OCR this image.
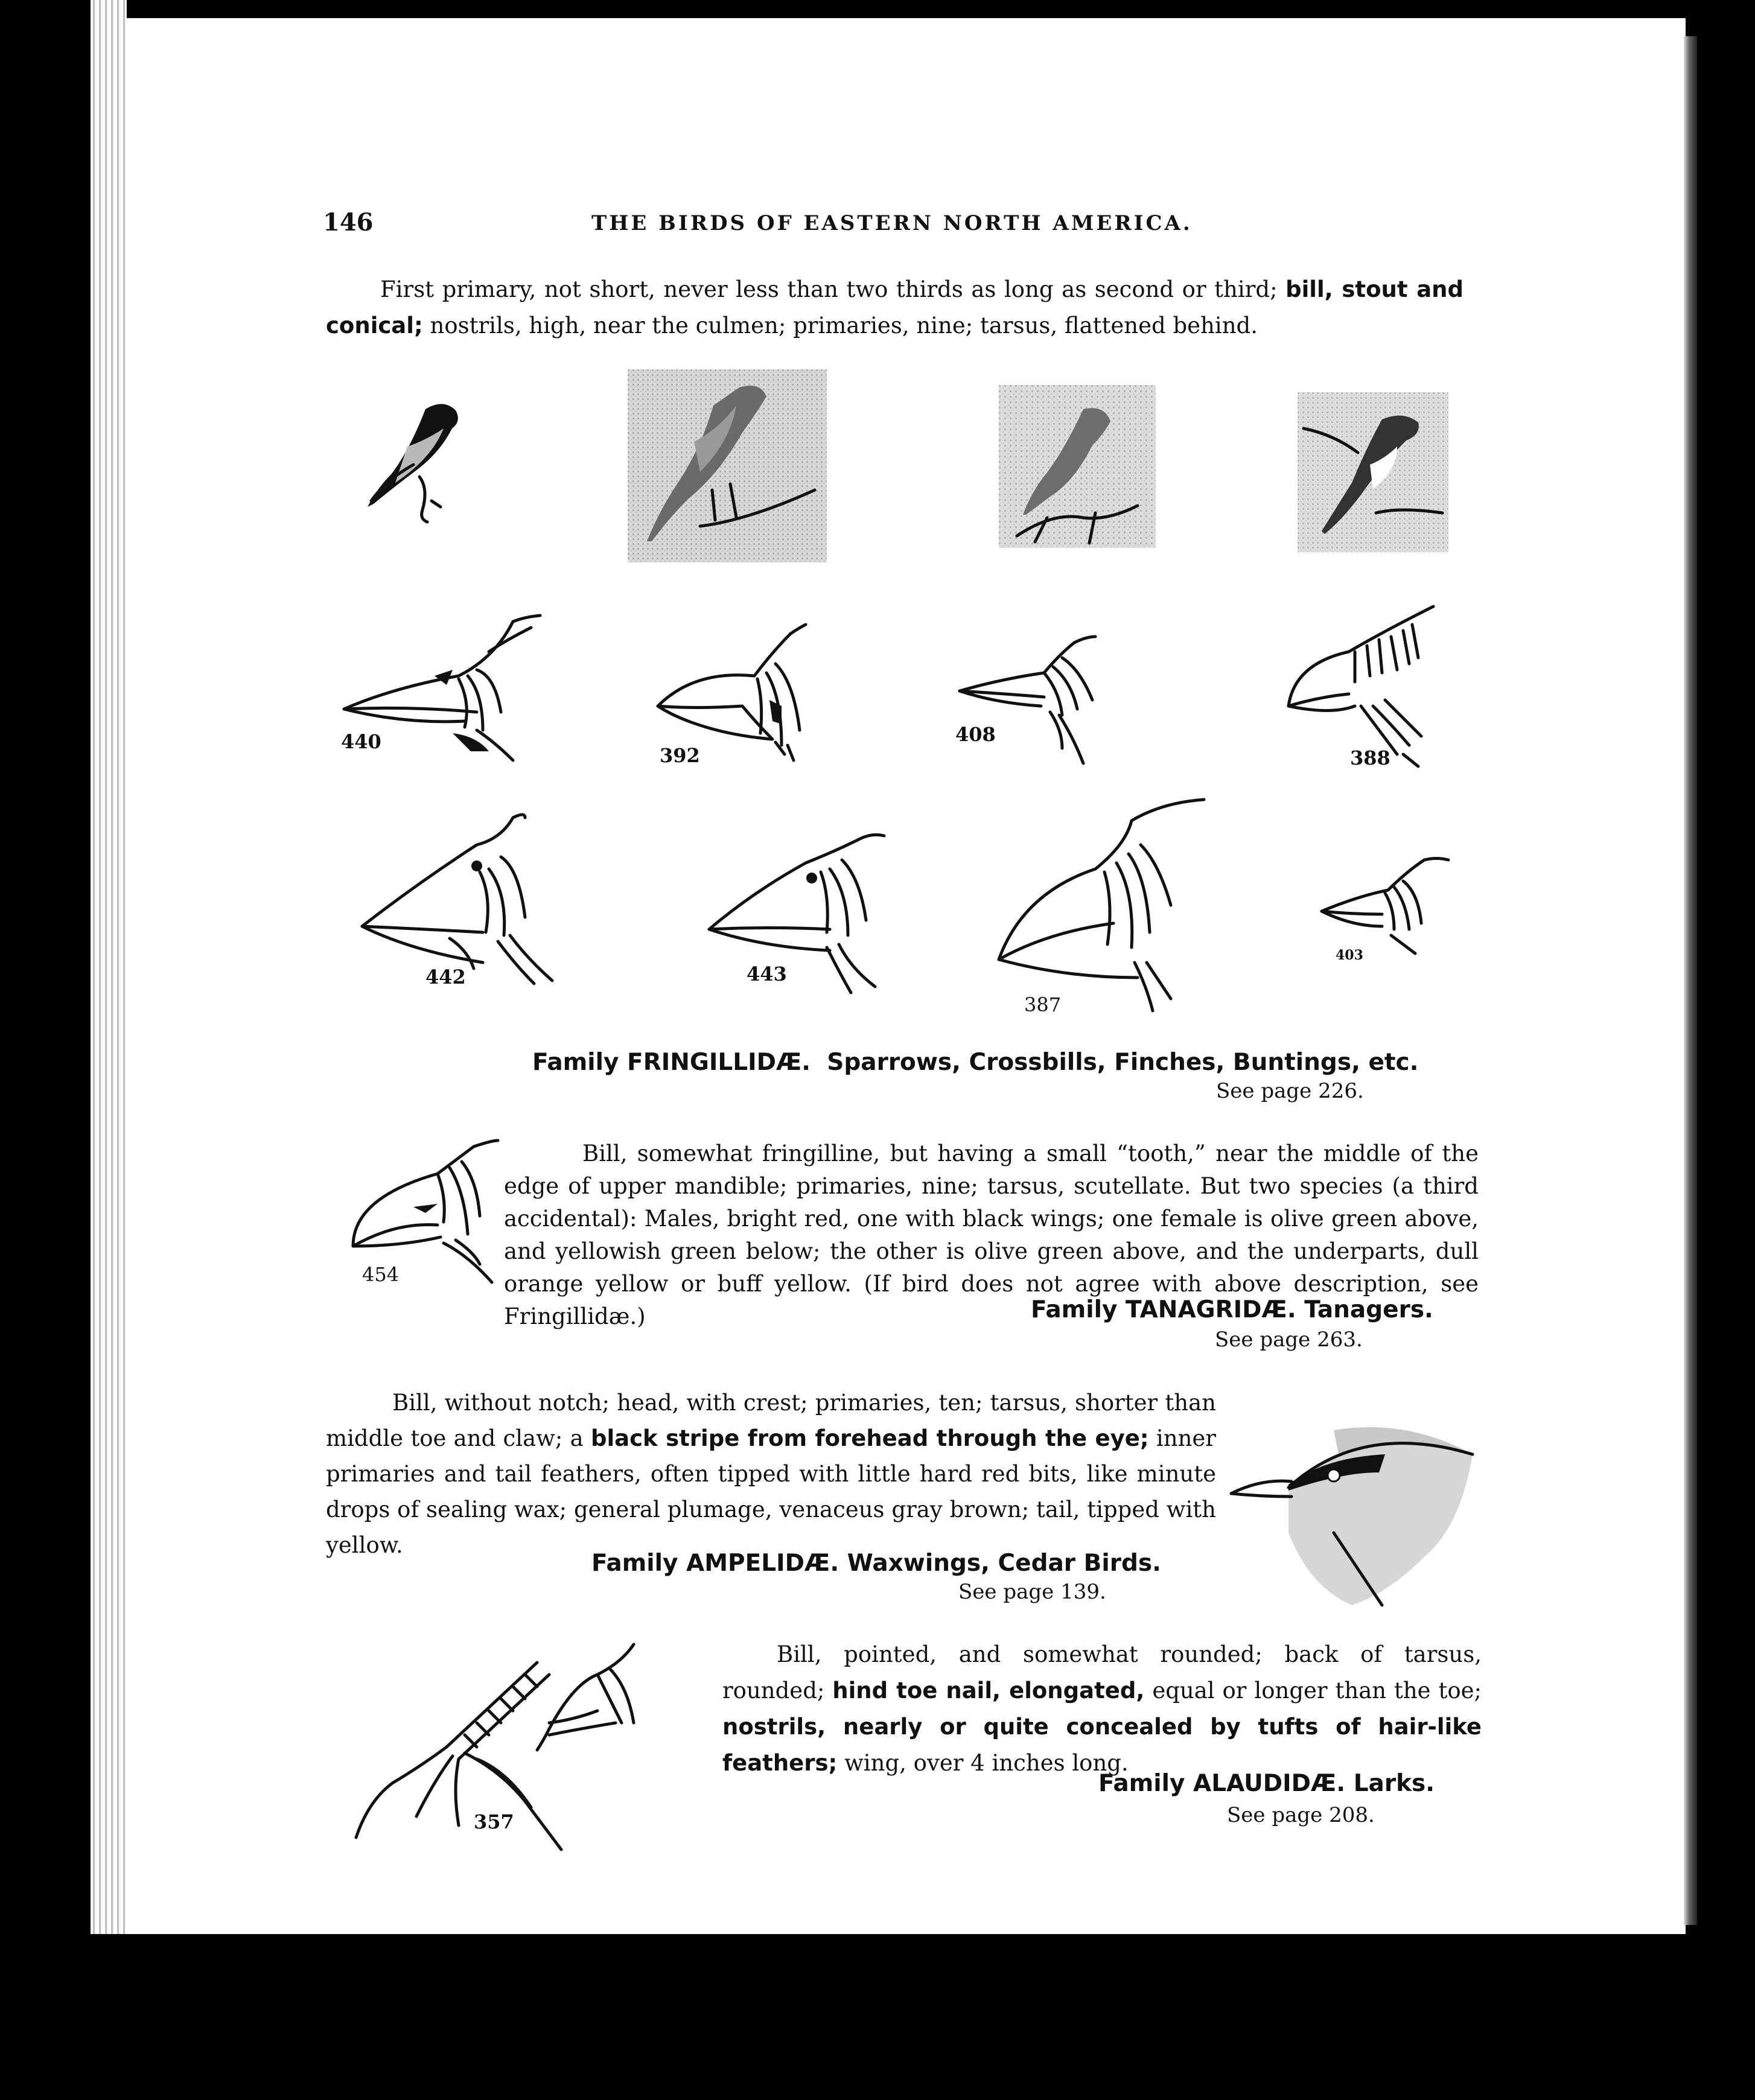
146	THE BIRDS OF EASTERN NORTH AMERICA.
First primary, not short, never less than two thirds as long as second or third; bill, stout and conical; nostrils, high, near the culmen; primaries, nine; tarsus, flattened behind.
440
392
408
388
442	443
387
403
Family FRINGILLIDÆ. Sparrows, Crossbills, Finches, Buntings, etc.
See page 226.
454
Bill, somewhat fringilline, but having a small “tooth,” near the middle of the edge of upper mandible; primaries, nine; tarsus, scutellate. But two species (a third accidental): Males, bright red, one with black wings; one female is olive green above, and yellowish green below; the other is olive green above, and the underparts, dull orange yellow or buff yellow. (If bird does not agree with above description, see Fringillidæ.)	Family TANAGRIDÆ. Tanagers.
See page 263.
Bill, without notch; head, with crest; primaries, ten; tarsus, shorter than middle toe and claw; a black stripe from forehead through the eye; inner primaries and tail feathers, often tipped with little hard red bits, like minute drops of sealing wax; general plumage, venaceus gray brown; tail, tipped with yellow.
Family AMPELIDÆ. Waxwings, Cedar Birds.
See page 139.
357
Bill, pointed, and somewhat rounded; back of tarsus, rounded; hind toe nail, elongated, equal or longer than the toe; nostrils, nearly or quite concealed by tufts of hair-like feathers; wing, over 4 inches long.
Family ALAUDIDÆ. Larks.
See page 208.
